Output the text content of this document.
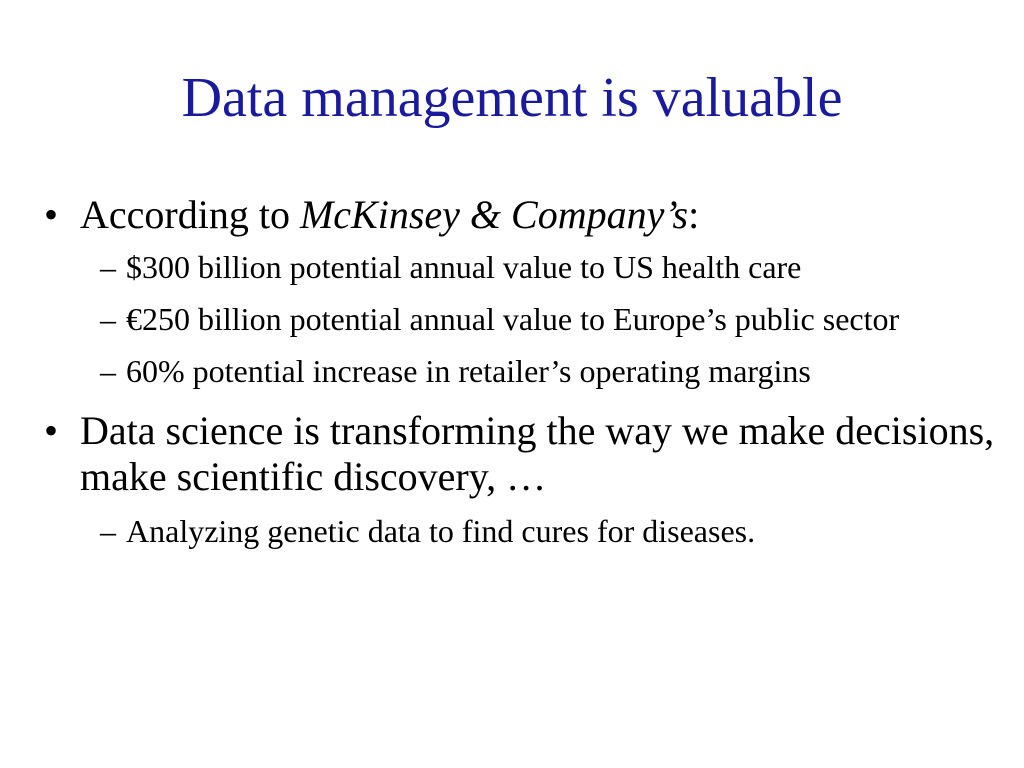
Data management is valuable
• According to McKinsey & Company’s:
– $300 billion potential annual value to US health care
– €250 billion potential annual value to Europe’s public sector
– 60% potential increase in retailer’s operating margins
• Data science is transforming the way we make decisions, make scientific discovery, …
– Analyzing genetic data to find cures for diseases.
